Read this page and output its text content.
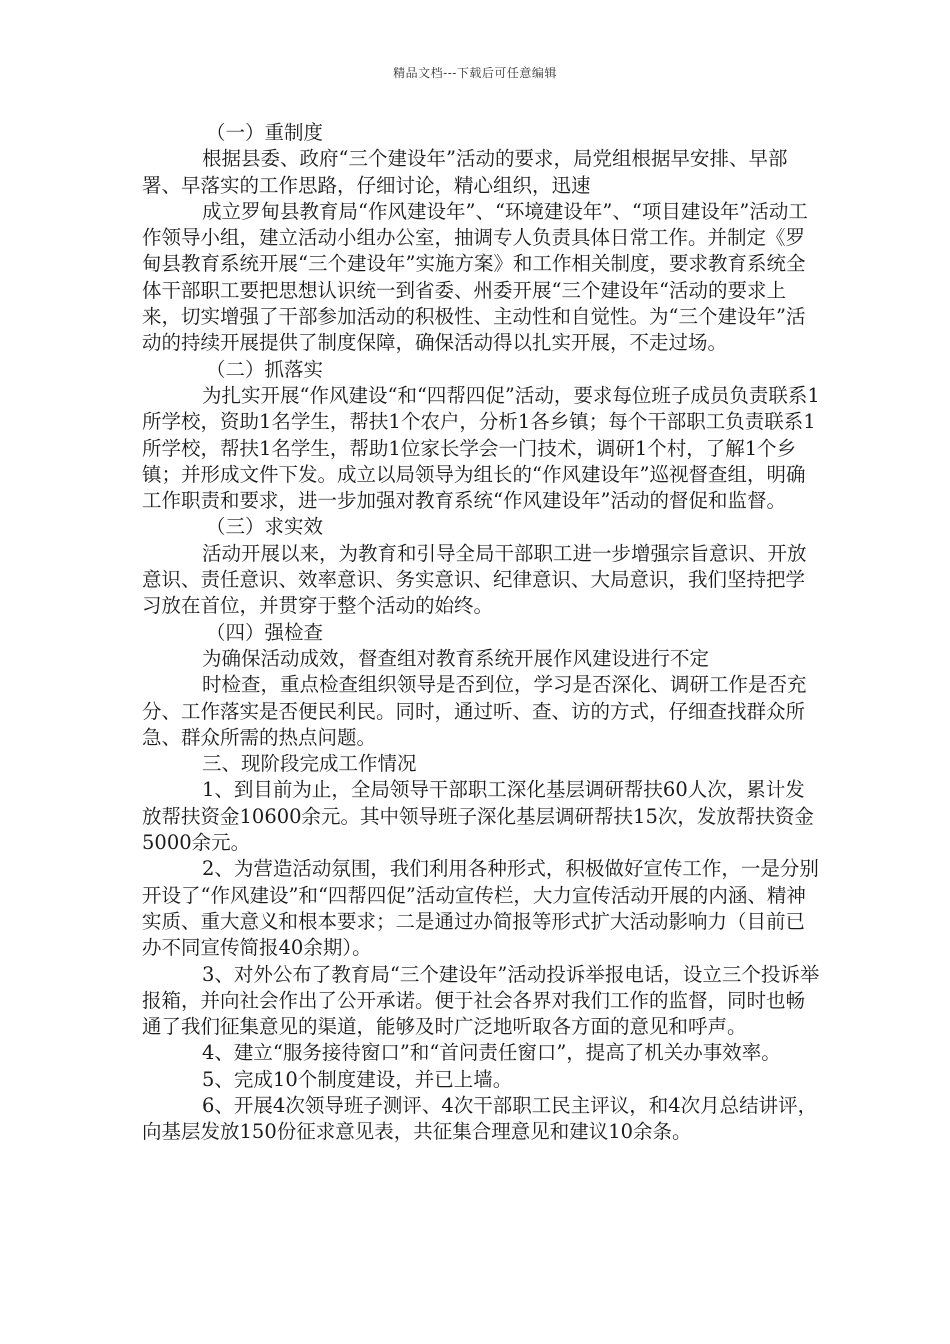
精品文档---下载后可任意编辑

（一）重制度

根据县委、政府“三个建设年”活动的要求，局党组根据早安排、早部署、早落实的工作思路，仔细讨论，精心组织，迅速

成立罗甸县教育局“作风建设年”、“环境建设年”、“项目建设年”活动工作领导小组，建立活动小组办公室，抽调专人负责具体日常工作。并制定《罗甸县教育系统开展“三个建设年”实施方案》和工作相关制度，要求教育系统全体干部职工要把思想认识统一到省委、州委开展“三个建设年“活动的要求上来，切实增强了干部参加活动的积极性、主动性和自觉性。为“三个建设年”活动的持续开展提供了制度保障，确保活动得以扎实开展，不走过场。

（二）抓落实

为扎实开展“作风建设“和“四帮四促”活动，要求每位班子成员负责联系1所学校，资助1名学生，帮扶1个农户，分析1各乡镇；每个干部职工负责联系1所学校，帮扶1名学生，帮助1位家长学会一门技术，调研1个村，了解1个乡镇；并形成文件下发。成立以局领导为组长的“作风建设年”巡视督查组，明确工作职责和要求，进一步加强对教育系统“作风建设年”活动的督促和监督。

（三）求实效

活动开展以来，为教育和引导全局干部职工进一步增强宗旨意识、开放意识、责任意识、效率意识、务实意识、纪律意识、大局意识，我们坚持把学习放在首位，并贯穿于整个活动的始终。

（四）强检查

为确保活动成效，督查组对教育系统开展作风建设进行不定

时检查，重点检查组织领导是否到位，学习是否深化、调研工作是否充分、工作落实是否便民利民。同时，通过听、查、访的方式，仔细查找群众所急、群众所需的热点问题。

三、现阶段完成工作情况

1、到目前为止，全局领导干部职工深化基层调研帮扶60人次，累计发放帮扶资金10600余元。其中领导班子深化基层调研帮扶15次，发放帮扶资金5000余元。

2、为营造活动氛围，我们利用各种形式，积极做好宣传工作，一是分别开设了“作风建设”和“四帮四促”活动宣传栏，大力宣传活动开展的内涵、精神实质、重大意义和根本要求；二是通过办简报等形式扩大活动影响力（目前已办不同宣传简报40余期）。

3、对外公布了教育局“三个建设年”活动投诉举报电话，设立三个投诉举报箱，并向社会作出了公开承诺。便于社会各界对我们工作的监督，同时也畅通了我们征集意见的渠道，能够及时广泛地听取各方面的意见和呼声。

4、建立“服务接待窗口”和“首问责任窗口”，提高了机关办事效率。

5、完成10个制度建设，并已上墙。

6、开展4次领导班子测评、4次干部职工民主评议，和4次月总结讲评，向基层发放150份征求意见表，共征集合理意见和建议10余条。
